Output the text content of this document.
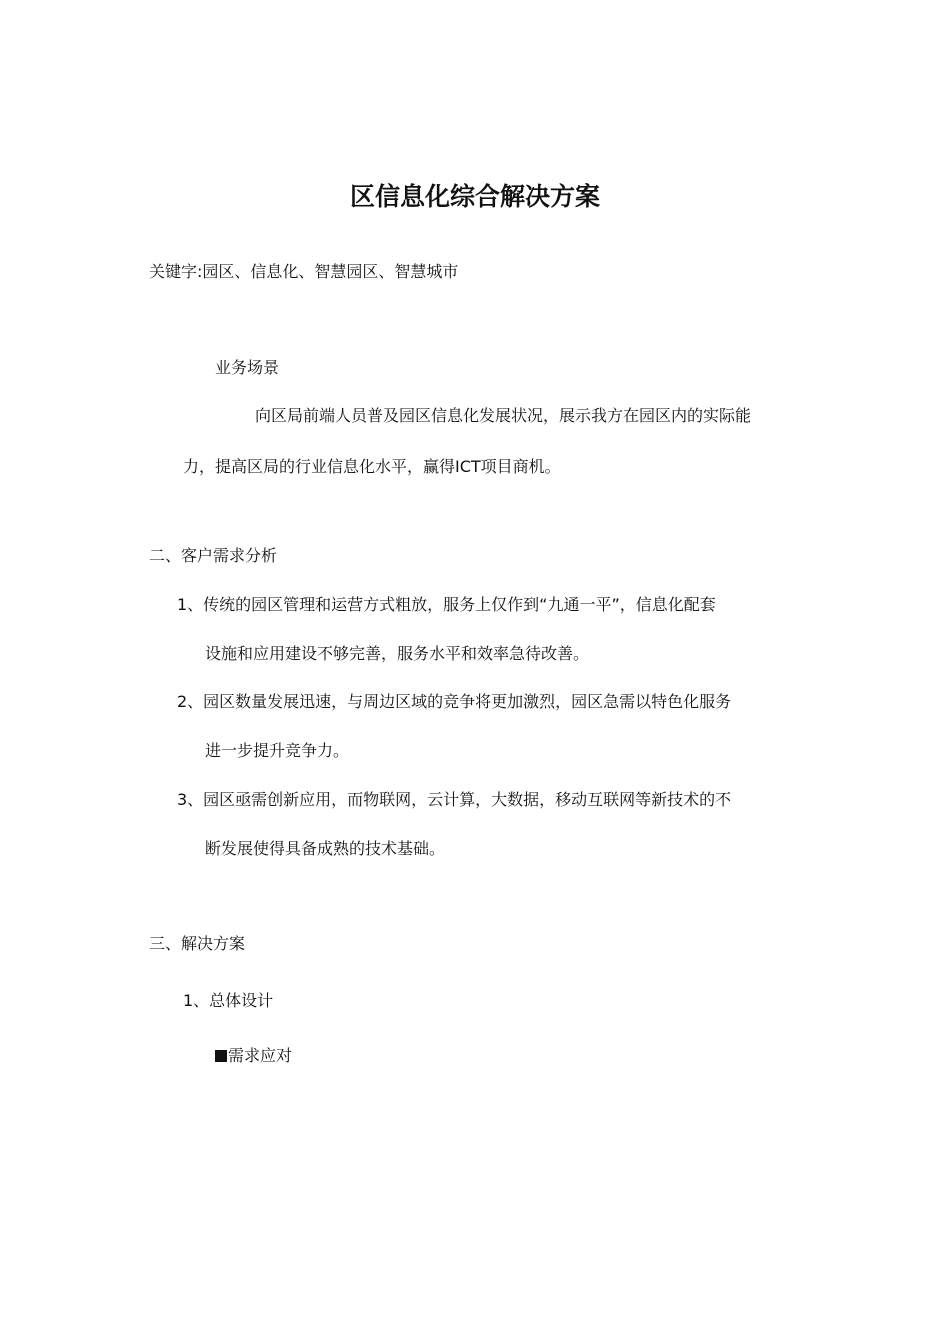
区信息化综合解决方案
关键字:园区、信息化、智慧园区、智慧城市
业务场景
向区局前端人员普及园区信息化发展状况，展示我方在园区内的实际能
力，提高区局的行业信息化水平，赢得ICT项目商机。
二、客户需求分析
1、传统的园区管理和运营方式粗放，服务上仅作到“九通一平”，信息化配套
设施和应用建设不够完善，服务水平和效率急待改善。
2、园区数量发展迅速，与周边区域的竞争将更加激烈，园区急需以特色化服务
进一步提升竞争力。
3、园区亟需创新应用，而物联网，云计算，大数据，移动互联网等新技术的不
断发展使得具备成熟的技术基础。
三、解决方案
1、总体设计
需求应对
